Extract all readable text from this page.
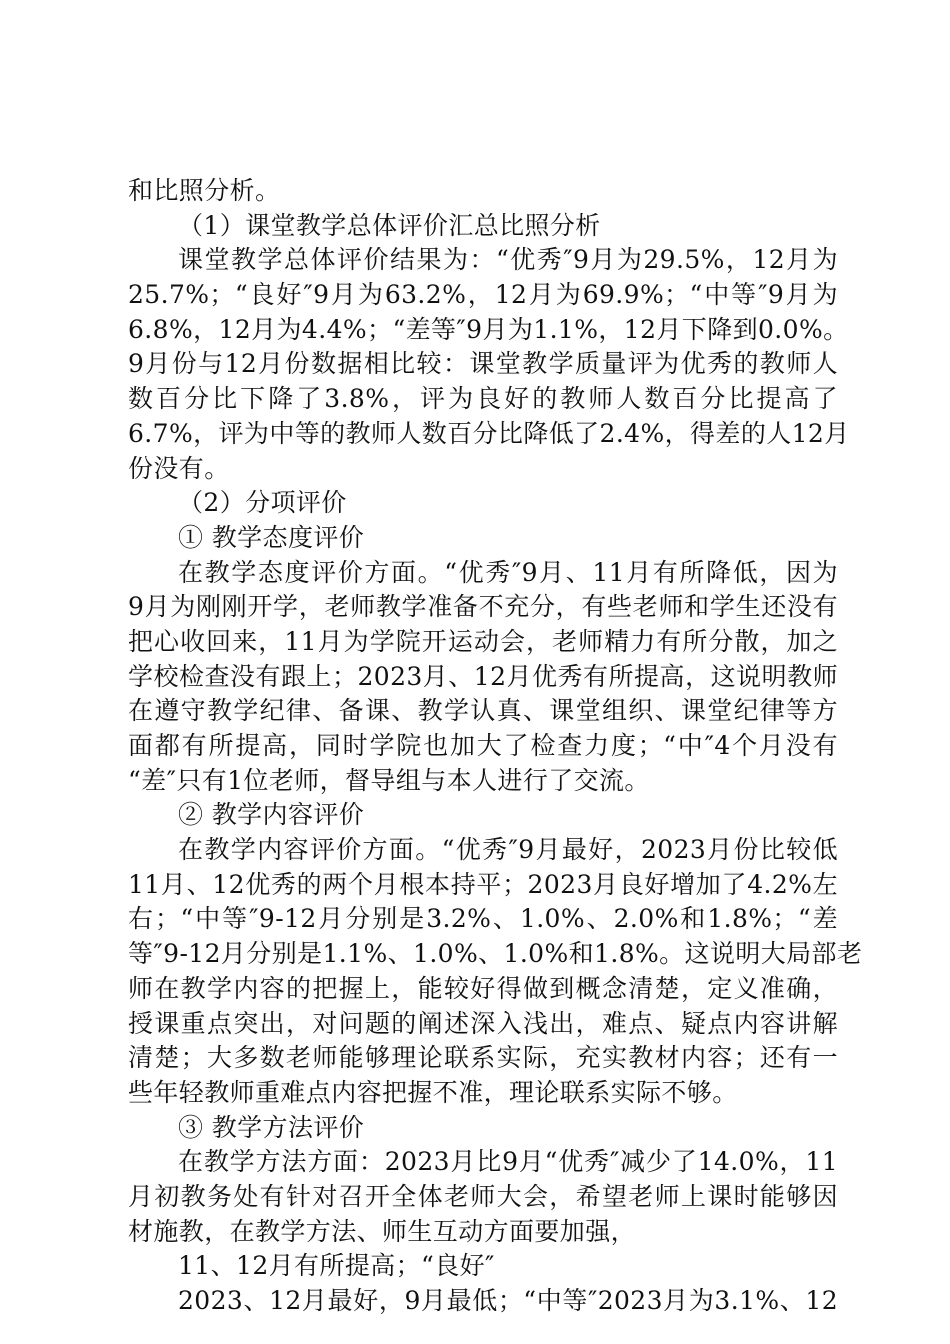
和比照分析。
（1）课堂教学总体评价汇总比照分析
课堂教学总体评价结果为：“优秀″9月为29.5%，12月为
25.7%；“良好″9月为63.2%，12月为69.9%；“中等″9月为
6.8%，12月为4.4%；“差等″9月为1.1%，12月下降到0.0%。
9月份与12月份数据相比较：课堂教学质量评为优秀的教师人
数百分比下降了3.8%，评为良好的教师人数百分比提高了
6.7%，评为中等的教师人数百分比降低了2.4%，得差的人12月
份没有。
（2）分项评价
① 教学态度评价
在教学态度评价方面。“优秀″9月、11月有所降低，因为
9月为刚刚开学，老师教学准备不充分，有些老师和学生还没有
把心收回来，11月为学院开运动会，老师精力有所分散，加之
学校检查没有跟上；2023月、12月优秀有所提高，这说明教师
在遵守教学纪律、备课、教学认真、课堂组织、课堂纪律等方
面都有所提高，同时学院也加大了检查力度；“中″4个月没有
“差″只有1位老师，督导组与本人进行了交流。
② 教学内容评价
在教学内容评价方面。“优秀″9月最好，2023月份比较低
11月、12优秀的两个月根本持平；2023月良好增加了4.2%左
右；“中等″9-12月分别是3.2%、1.0%、2.0%和1.8%；“差
等″9-12月分别是1.1%、1.0%、1.0%和1.8%。这说明大局部老
师在教学内容的把握上，能较好得做到概念清楚，定义准确，
授课重点突出，对问题的阐述深入浅出，难点、疑点内容讲解
清楚；大多数老师能够理论联系实际，充实教材内容；还有一
些年轻教师重难点内容把握不准，理论联系实际不够。
③ 教学方法评价
在教学方法方面：2023月比9月“优秀″减少了14.0%，11
月初教务处有针对召开全体老师大会，希望老师上课时能够因
材施教，在教学方法、师生互动方面要加强，
11、12月有所提高；“良好″
2023、12月最好，9月最低；“中等″2023月为3.1%、12
